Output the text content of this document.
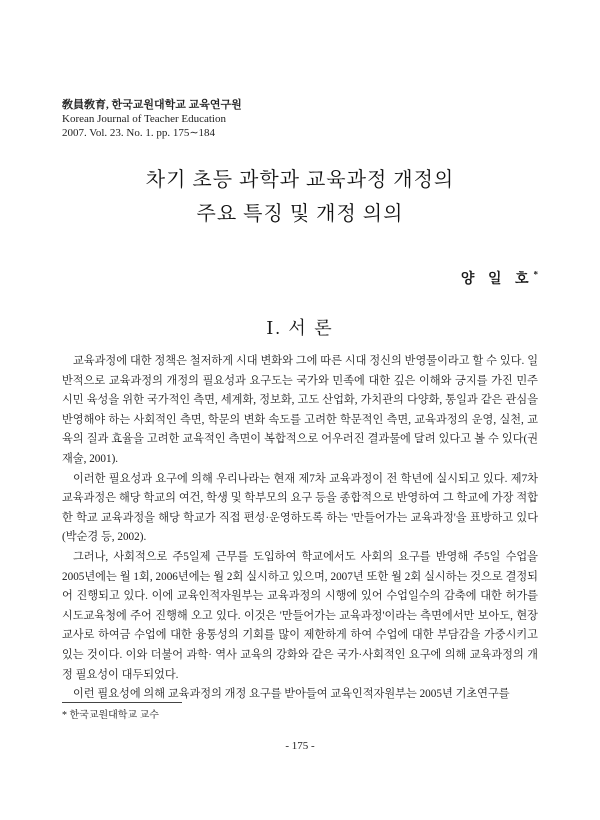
敎員敎育, 한국교원대학교 교육연구원
Korean Journal of Teacher Education
2007. Vol. 23. No. 1. pp. 175∼184
차기 초등 과학과 교육과정 개정의
주요 특징 및 개정 의의
양 일 호*
Ⅰ. 서 론

교육과정에 대한 정책은 철저하게 시대 변화와 그에 따른 시대 정신의 반영물이라고 할 수 있다. 일반적으로 교육과정의 개정의 필요성과 요구도는 국가와 민족에 대한 깊은 이해와 긍지를 가진 민주 시민 육성을 위한 국가적인 측면, 세계화, 정보화, 고도 산업화, 가치관의 다양화, 통일과 같은 관심을 반영해야 하는 사회적인 측면, 학문의 변화 속도를 고려한 학문적인 측면, 교육과정의 운영, 실천, 교육의 질과 효율을 고려한 교육적인 측면이 복합적으로 어우러진 결과물에 달려 있다고 볼 수 있다(권재술, 2001).

이러한 필요성과 요구에 의해 우리나라는 현재 제7차 교육과정이 전 학년에 실시되고 있다. 제7차 교육과정은 해당 학교의 여건, 학생 및 학부모의 요구 등을 종합적으로 반영하여 그 학교에 가장 적합한 학교 교육과정을 해당 학교가 직접 편성·운영하도록 하는 '만들어가는 교육과정'을 표방하고 있다(박순경 등, 2002).

그러나, 사회적으로 주5일제 근무를 도입하여 학교에서도 사회의 요구를 반영해 주5일 수업을 2005년에는 월 1회, 2006년에는 월 2회 실시하고 있으며, 2007년 또한 월 2회 실시하는 것으로 결정되어 진행되고 있다. 이에 교육인적자원부는 교육과정의 시행에 있어 수업일수의 감축에 대한 허가를 시도교육청에 주어 진행해 오고 있다. 이것은 '만들어가는 교육과정'이라는 측면에서만 보아도, 현장 교사로 하여금 수업에 대한 융통성의 기회를 많이 제한하게 하여 수업에 대한 부담감을 가중시키고 있는 것이다. 이와 더불어 과학· 역사 교육의 강화와 같은 국가·사회적인 요구에 의해 교육과정의 개정 필요성이 대두되었다.

이런 필요성에 의해 교육과정의 개정 요구를 받아들여 교육인적자원부는 2005년 기초연구를

* 한국교원대학교 교수
- 175 -
